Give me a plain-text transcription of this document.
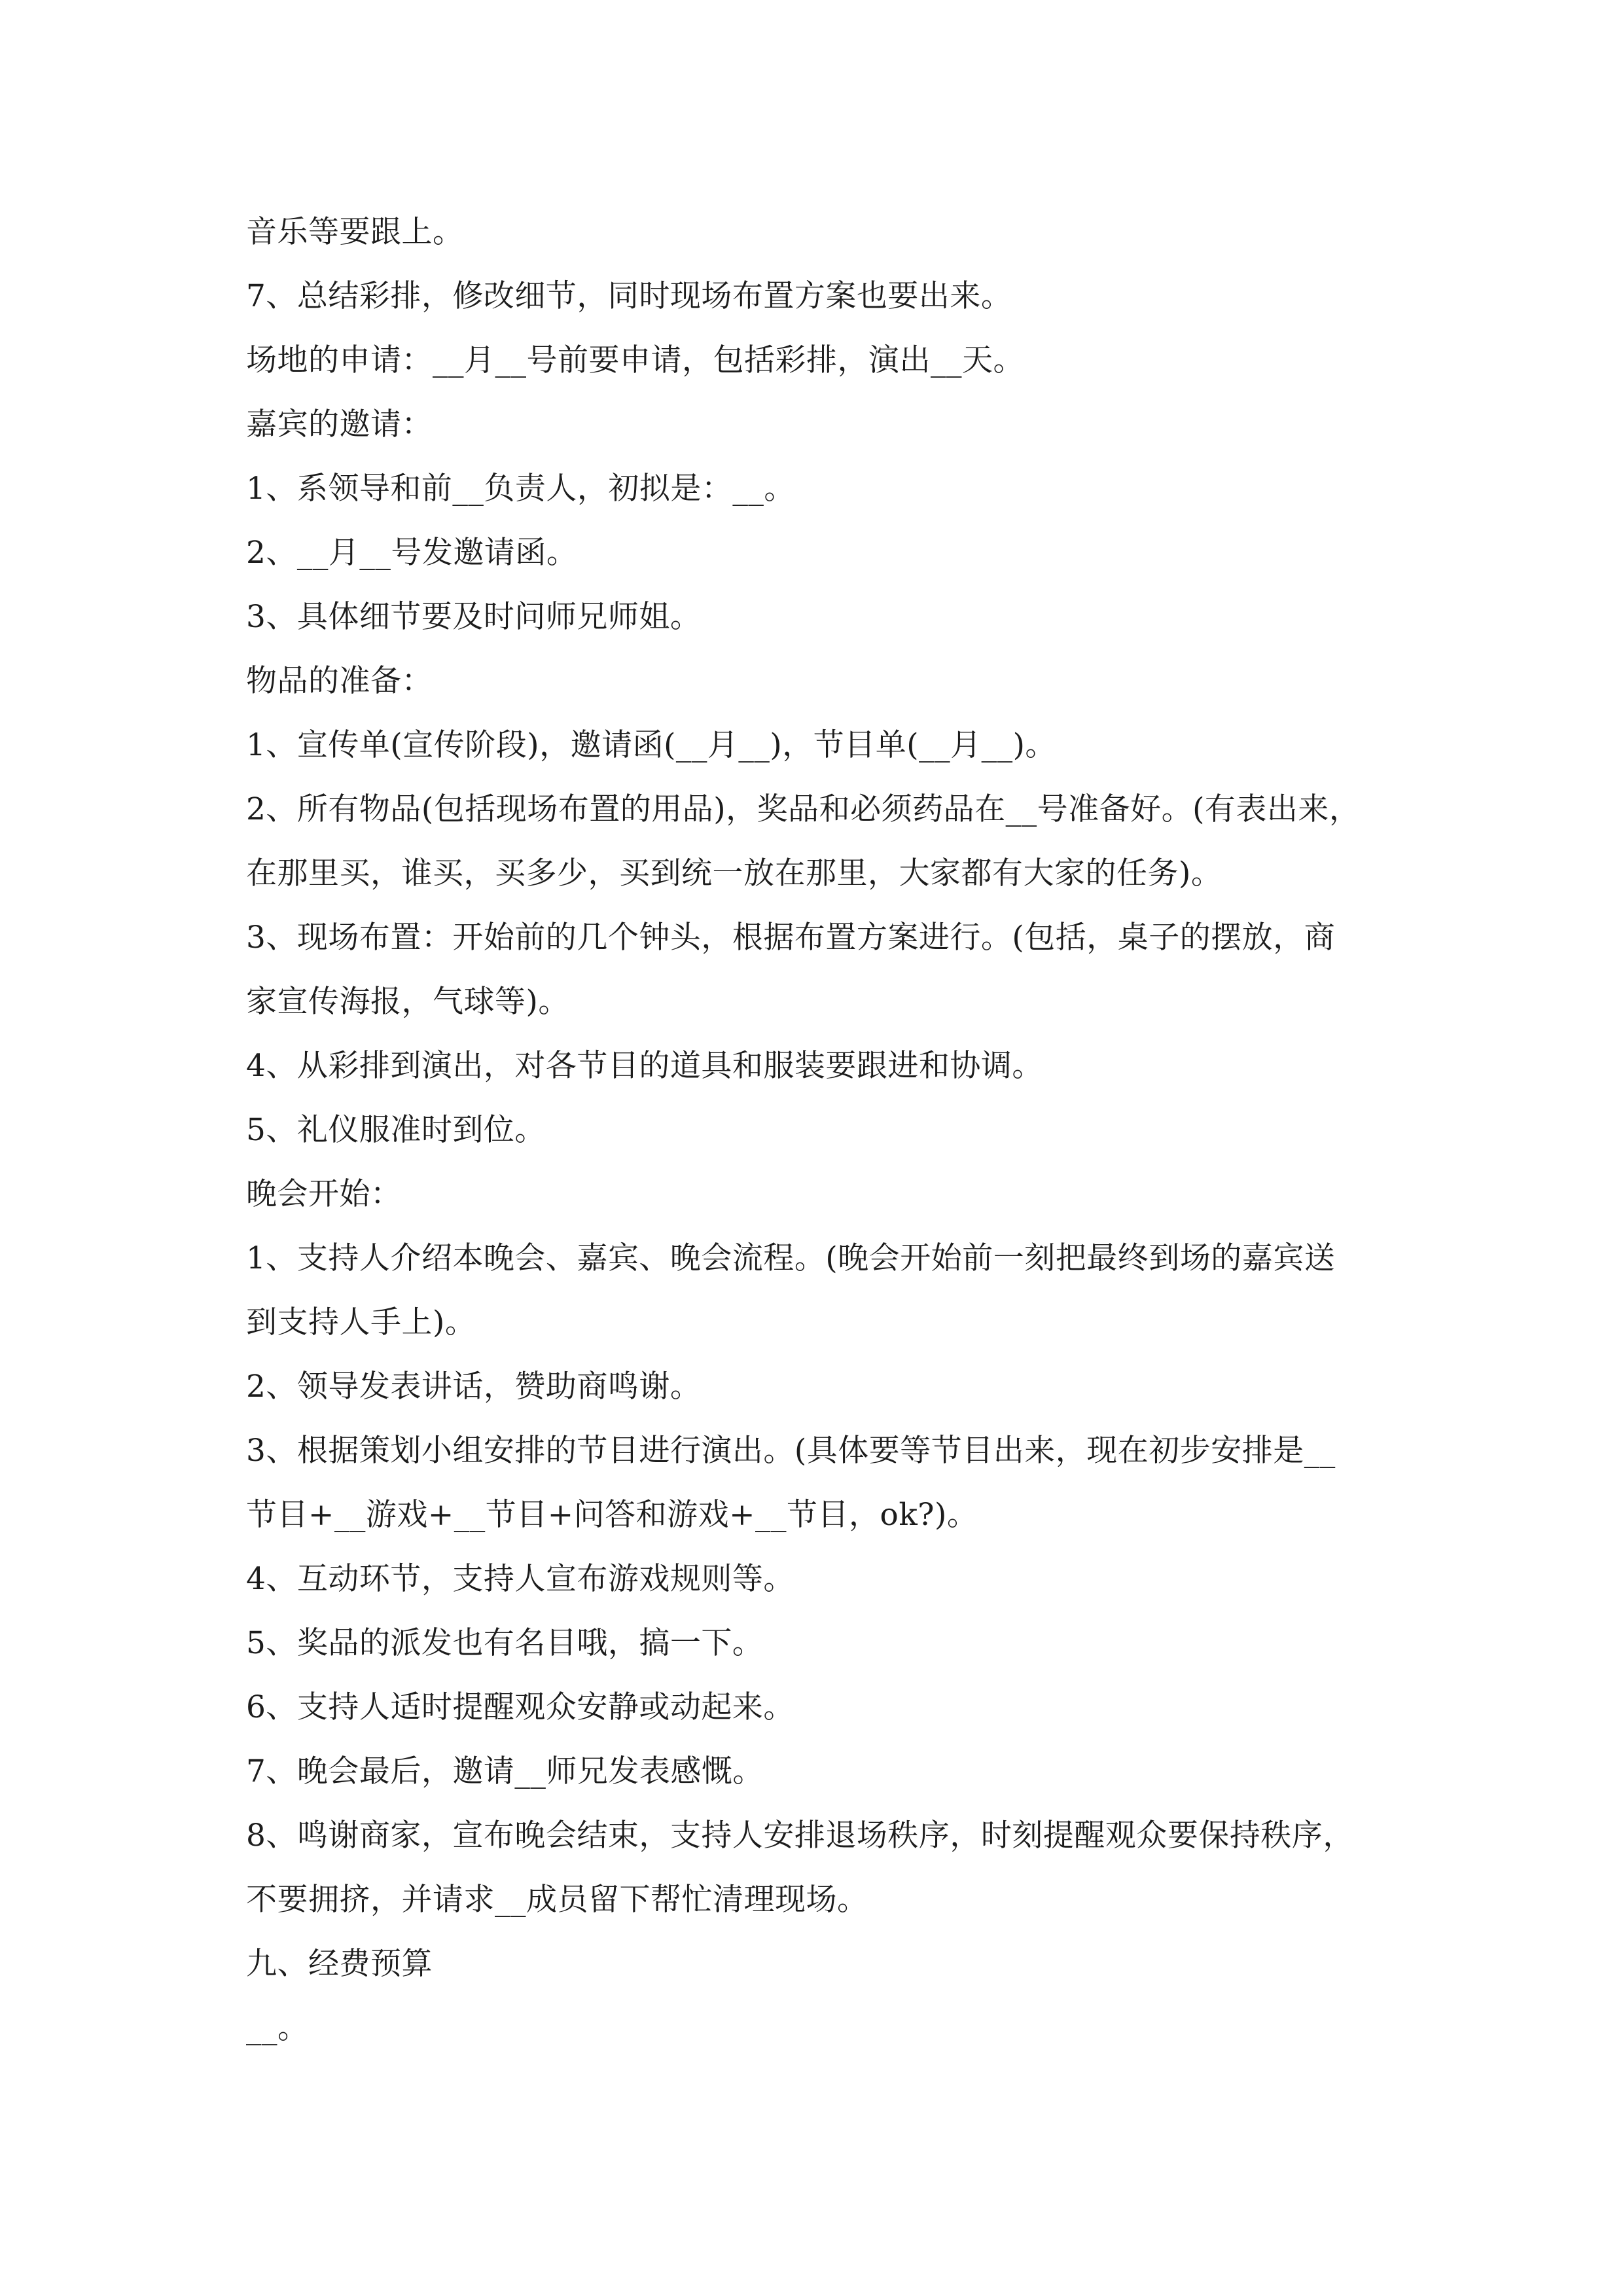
音乐等要跟上。

7、总结彩排，修改细节，同时现场布置方案也要出来。

场地的申请：__月__号前要申请，包括彩排，演出__天。

嘉宾的邀请：

1、系领导和前__负责人，初拟是：__。

2、__月__号发邀请函。

3、具体细节要及时问师兄师姐。

物品的准备：

1、宣传单(宣传阶段)，邀请函(__月__)，节目单(__月__)。

2、所有物品(包括现场布置的用品)，奖品和必须药品在__号准备好。(有表出来，

在那里买，谁买，买多少，买到统一放在那里，大家都有大家的任务)。

3、现场布置：开始前的几个钟头，根据布置方案进行。(包括，桌子的摆放，商

家宣传海报，气球等)。

4、从彩排到演出，对各节目的道具和服装要跟进和协调。

5、礼仪服准时到位。

晚会开始：

1、支持人介绍本晚会、嘉宾、晚会流程。(晚会开始前一刻把最终到场的嘉宾送

到支持人手上)。

2、领导发表讲话，赞助商鸣谢。

3、根据策划小组安排的节目进行演出。(具体要等节目出来，现在初步安排是__

节目+__游戏+__节目+问答和游戏+__节目，ok?)。

4、互动环节，支持人宣布游戏规则等。

5、奖品的派发也有名目哦，搞一下。

6、支持人适时提醒观众安静或动起来。

7、晚会最后，邀请__师兄发表感慨。

8、鸣谢商家，宣布晚会结束，支持人安排退场秩序，时刻提醒观众要保持秩序，

不要拥挤，并请求__成员留下帮忙清理现场。

九、经费预算

__。
